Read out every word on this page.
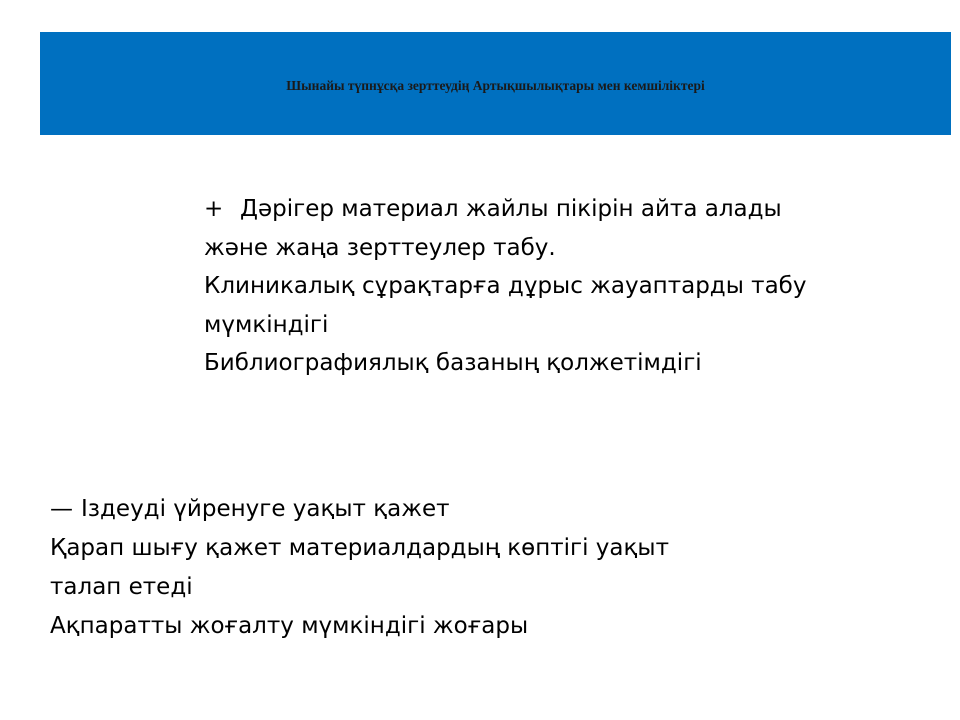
Шынайы түпнұсқа зерттеудің Артықшылықтары мен кемшіліктері
+ Дәрігер материал жайлы пікірін айта алады
және жаңа зерттеулер табу.
Клиникалық сұрақтарға дұрыс жауаптарды табу
мүмкіндігі
Библиографиялық базаның қолжетімдігі
— Іздеуді үйренуге уақыт қажет
Қарап шығу қажет материалдардың көптігі уақыт
талап етеді
Ақпаратты жоғалту мүмкіндігі жоғары
